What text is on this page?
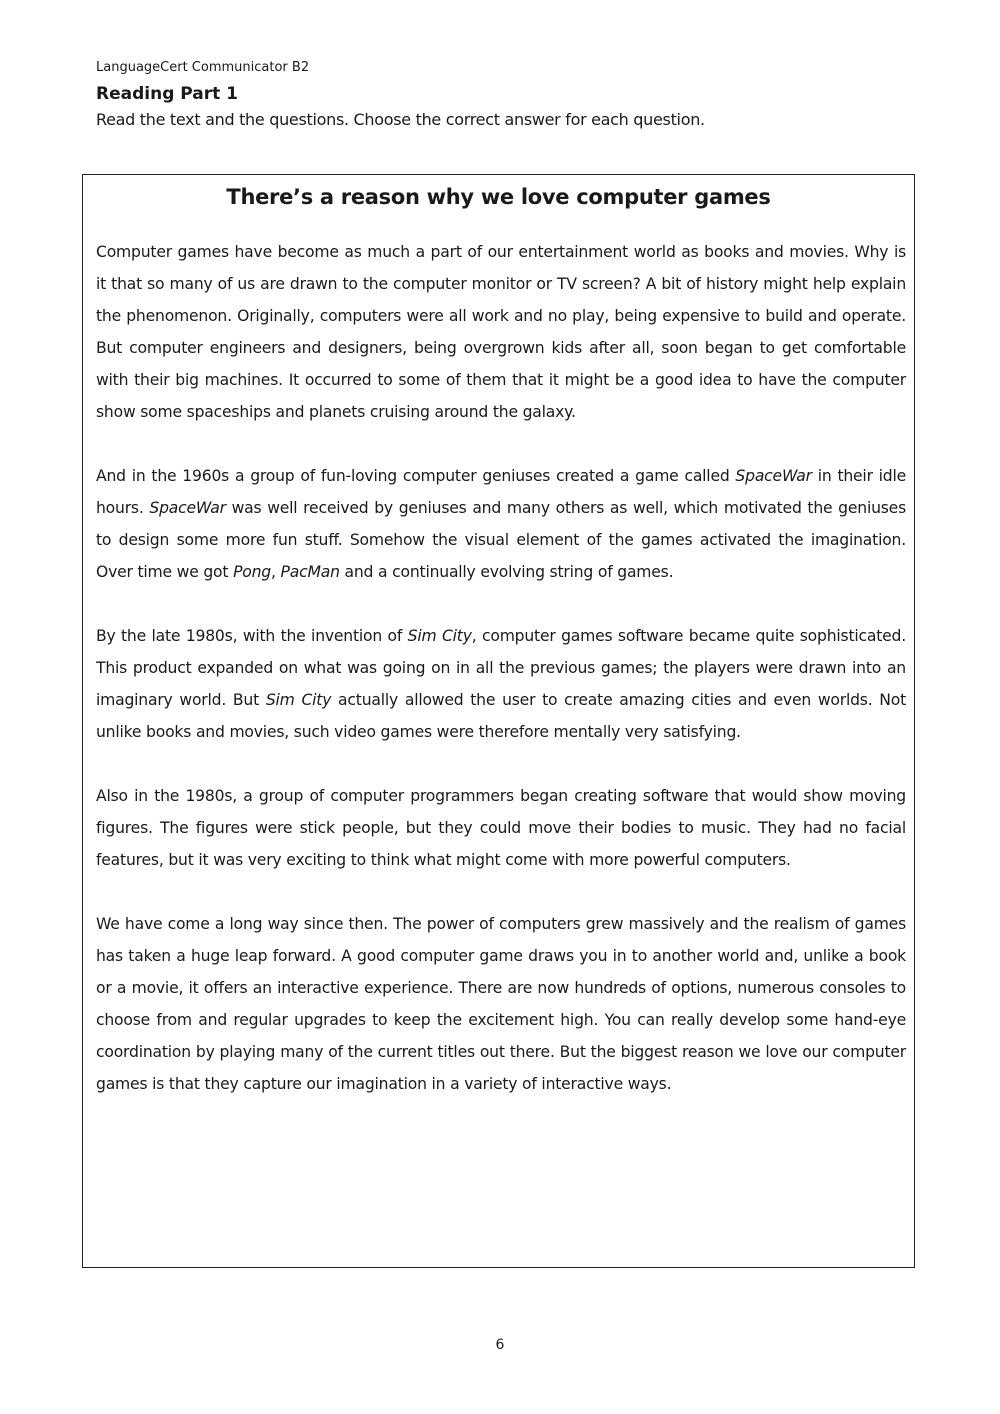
LanguageCert Communicator B2
Reading Part 1
Read the text and the questions. Choose the correct answer for each question.
There’s a reason why we love computer games

Computer games have become as much a part of our entertainment world as books and movies. Why is it that so many of us are drawn to the computer monitor or TV screen? A bit of history might help explain the phenomenon. Originally, computers were all work and no play, being expensive to build and operate. But computer engineers and designers, being overgrown kids after all, soon began to get comfortable with their big machines. It occurred to some of them that it might be a good idea to have the computer show some spaceships and planets cruising around the galaxy.

And in the 1960s a group of fun-loving computer geniuses created a game called SpaceWar in their idle hours. SpaceWar was well received by geniuses and many others as well, which motivated the geniuses to design some more fun stuff. Somehow the visual element of the games activated the imagination. Over time we got Pong, PacMan and a continually evolving string of games.

By the late 1980s, with the invention of Sim City, computer games software became quite sophisticated. This product expanded on what was going on in all the previous games; the players were drawn into an imaginary world. But Sim City actually allowed the user to create amazing cities and even worlds. Not unlike books and movies, such video games were therefore mentally very satisfying.

Also in the 1980s, a group of computer programmers began creating software that would show moving figures. The figures were stick people, but they could move their bodies to music. They had no facial features, but it was very exciting to think what might come with more powerful computers.

We have come a long way since then. The power of computers grew massively and the realism of games has taken a huge leap forward. A good computer game draws you in to another world and, unlike a book or a movie, it offers an interactive experience. There are now hundreds of options, numerous consoles to choose from and regular upgrades to keep the excitement high. You can really develop some hand-eye coordination by playing many of the current titles out there. But the biggest reason we love our computer games is that they capture our imagination in a variety of interactive ways.

6
